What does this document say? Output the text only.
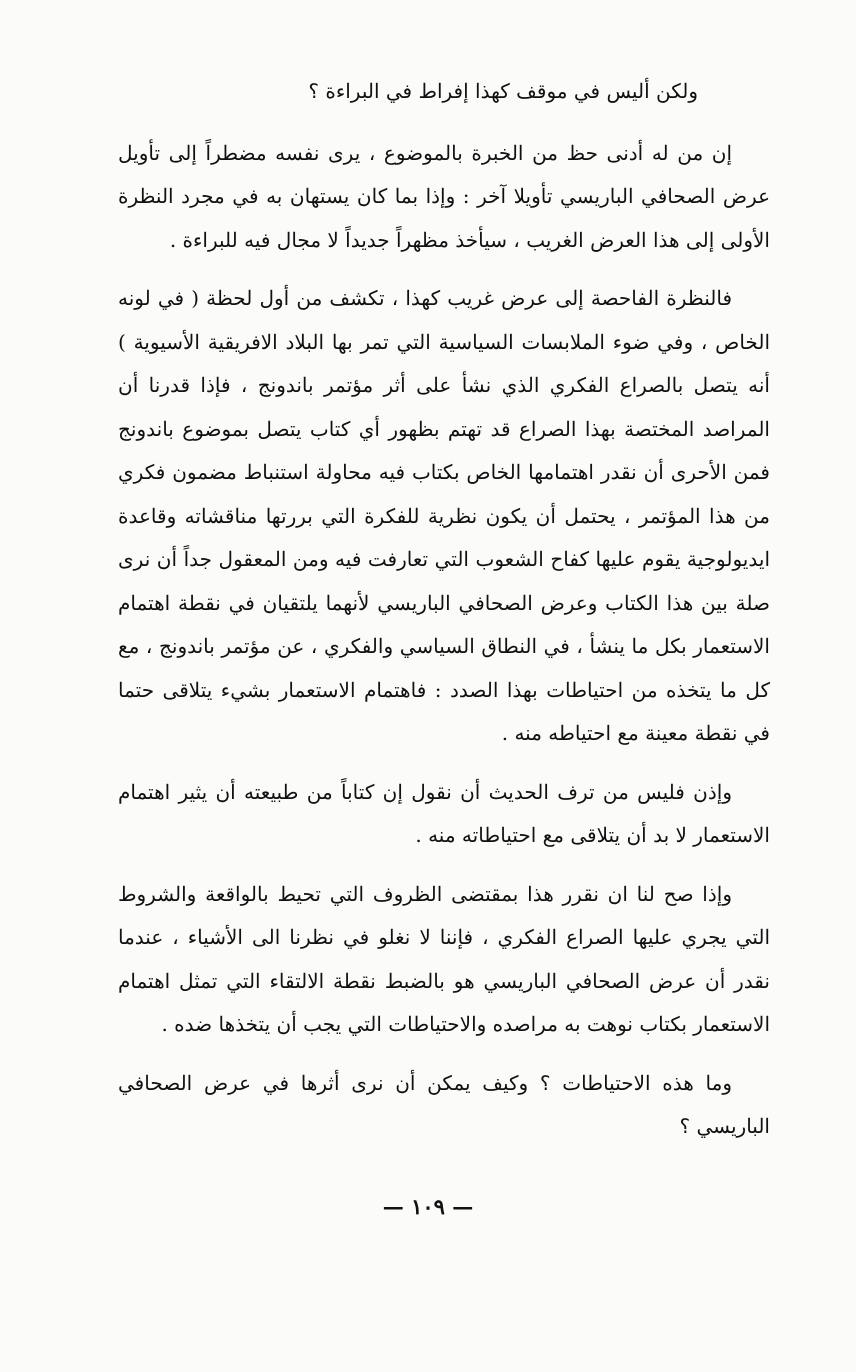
ولكن أليس في موقف كهذا إفراط في البراءة ؟

إن من له أدنى حظ من الخبرة بالموضوع ، يرى نفسه مضطراً إلى تأويل عرض الصحافي الباريسي تأويلا آخر : وإذا بما كان يستهان به في مجرد النظرة الأولى إلى هذا العرض الغريب ، سيأخذ مظهراً جديداً لا مجال فيه للبراءة .

فالنظرة الفاحصة إلى عرض غريب كهذا ، تكشف من أول لحظة ( في لونه الخاص ، وفي ضوء الملابسات السياسية التي تمر بها البلاد الافريقية الأسيوية ) أنه يتصل بالصراع الفكري الذي نشأ على أثر مؤتمر باندونج ، فإذا قدرنا أن المراصد المختصة بهذا الصراع قد تهتم بظهور أي كتاب يتصل بموضوع باندونج فمن الأحرى أن نقدر اهتمامها الخاص بكتاب فيه محاولة استنباط مضمون فكري من هذا المؤتمر ، يحتمل أن يكون نظرية للفكرة التي بررتها مناقشاته وقاعدة ايديولوجية يقوم عليها كفاح الشعوب التي تعارفت فيه ومن المعقول جداً أن نرى صلة بين هذا الكتاب وعرض الصحافي الباريسي لأنهما يلتقيان في نقطة اهتمام الاستعمار بكل ما ينشأ ، في النطاق السياسي والفكري ، عن مؤتمر باندونج ، مع كل ما يتخذه من احتياطات بهذا الصدد : فاهتمام الاستعمار بشيء يتلاقى حتما في نقطة معينة مع احتياطه منه .

وإذن فليس من ترف الحديث أن نقول إن كتاباً من طبيعته أن يثير اهتمام الاستعمار لا بد أن يتلاقى مع احتياطاته منه .

وإذا صح لنا ان نقرر هذا بمقتضى الظروف التي تحيط بالواقعة والشروط التي يجري عليها الصراع الفكري ، فإننا لا نغلو في نظرنا الى الأشياء ، عندما نقدر أن عرض الصحافي الباريسي هو بالضبط نقطة الالتقاء التي تمثل اهتمام الاستعمار بكتاب نوهت به مراصده والاحتياطات التي يجب أن يتخذها ضده .

وما هذه الاحتياطات ؟ وكيف يمكن أن نرى أثرها في عرض الصحافي الباريسي ؟

— ١٠٩ —
